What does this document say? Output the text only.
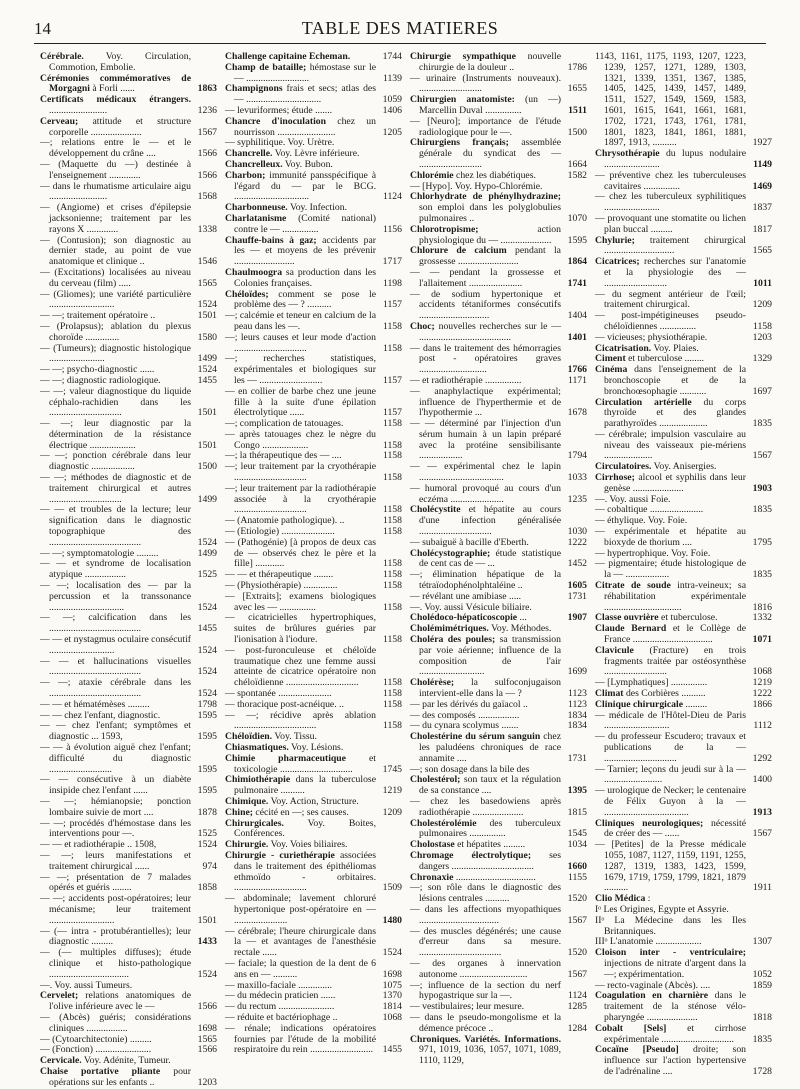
14	TABLE DES MATIERES
Cérébrale. Voy. Circulation, Commotion, Embolie.
Cérémonies commémoratives de Morgagni à Forli ......	1863
Certificats médicaux étrangers. ........................	1236
Cerveau; attitude et structure corporelle .....................	1567
—; relations entre le — et le développement du crâne ....	1566
— (Maquette du —) destinée à l'enseignement .............	1566
— dans le rhumatisme articulaire aigu ........................	1568
— (Angiome) et crises d'épilepsie jacksonienne; traitement par les rayons X .............	1338
— (Contusion); son diagnostic au dernier stade, au point de vue anatomique et clinique ..	1546
— (Excitations) localisées au niveau du cerveau (film) .....	1565
— (Gliomes); une variété particulière ...........................	1524
— —; traitement opératoire ..	1501
— (Prolapsus); ablation du plexus choroïde ..............	1580
— (Tumeurs); diagnostic histologique .......................	1499
— —; psycho-diagnostic ......	1524
— —; diagnostic radiologique.	1455
— —; valeur diagnostique du liquide céphalo-rachidien dans les ..............................	1501
— —; leur diagnostic par la détermination de la résistance électrique ...................	1501
— —; ponction cérébrale dans leur diagnostic ..................	1500
— —; méthodes de diagnostic et de traitement chirurgical et autres ..............................	1499
— — et troubles de la lecture; leur signification dans le diagnostic topographique des ......................................	1524
— —; symptomatologie .........	1499
— — et syndrome de localisation atypique .................	1525
— —; localisation des — par la percussion et la transsonance ...............................	1524
— —; calcification dans les ......................................	1455
— — et nystagmus oculaire consécutif ...........................	1524
— — et hallucinations visuelles ......................................	1524
— —; ataxie cérébrale dans les ......................................	1524
— — et hématémèses .........	1798
— — chez l'enfant, diagnostic.	1595
— — chez l'enfant; symptômes et diagnostic ... 1593,	1595
— — à évolution aiguë chez l'enfant; difficulté du diagnostic ..........................	1595
— — consécutive à un diabète insipide chez l'enfant ......	1595
— —; hémianopsie; ponction lombaire suivie de mort ....	1878
— —; procédés d'hémostase dans les interventions pour —.	1525
— — et radiothérapie .. 1508,	1524
— —; leurs manifestations et traitement chirurgical ......	974
— —; présentation de 7 malades opérés et guéris ........	1858
— —; accidents post-opératoires; leur mécanisme; leur traitement ...........................	1501
— (— intra - protubérantielles); leur diagnostic .........	1433
— (— multiples diffuses); étude clinique et histo-pathologique .................................	1524
—. Voy. aussi Tumeurs.
Cervelet; relations anatomiques de l'olive inférieure avec le —	1566
— (Abcès) guéris; considérations cliniques .................	1698
— (Cytoarchitectonie) .........	1565
— (Fonction) .......................	1566
Cervicale. Voy. Adénite, Tumeur.
Chaise portative pliante pour opérations sur les enfants ..	1203
Challenge capitaine Echeman.	1744
Champ de bataille; hémostase sur le — ..........................	1139
Champignons frais et secs; atlas des — ...............................	1059
— levuriformes; étude .......	1406
Chancre d'inoculation chez un nourrisson ........................	1205
— syphilitique. Voy. Urètre.
Chancrelle. Voy. Lèvre inférieure.
Chancrelleux. Voy. Bubon.
Charbon; immunité pansspécifique à l'égard du — par le BCG. ...............................	1124
Charbonneuse. Voy. Infection.
Charlatanisme (Comité national) contre le — ...............	1156
Chauffe-bains à gaz; accidents par les — et moyens de les prévenir .........................	1717
Chaulmoogra sa production dans les Colonies françaises.	1198
Chéloïdes; comment se pose le problème des — ? ..........	1157
—; calcémie et teneur en calcium de la peau dans les —.	1158
—; leurs causes et leur mode d'action ..............................	1158
—; recherches statistiques, expérimentales et biologiques sur les — ..........................	1157
— en collier de barbe chez une jeune fille à la suite d'une épilation électrolytique ......	1157
—; complication de tatouages.	1158
— après tatouages chez le nègre du Congo ...................	1158
—; la thérapeutique des — ....	1158
—; leur traitement par la cryothérapie ..............................	1158
—; leur traitement par la radiothérapie associée à la cryothérapie ..............................	1158
— (Anatomie pathologique). ..	1158
— (Etiologie) ......................	1158
— (Pathogénie) [à propos de deux cas de — observés chez le père et la fille] ............	1158
— — et thérapeutique ........	1158
— (Physiothérapie) ..............	1158
— [Extraits]; examens biologiques avec les — ...............	1158
— cicatricielles hypertrophiques, suites de brûlures guéries par l'ionisation à l'iodure.	1158
— post-furonculeuse et chéloïde traumatique chez une femme aussi atteinte de cicatrice opératoire non chéloïdienne ..............................	1158
— spontanée ......................	1158
— thoracique post-acnéique. ..	1158
— —; récidive après ablation ..................................	1158
Chéloïdien. Voy. Tissu.
Chiasmatiques. Voy. Lésions.
Chimie pharmaceutique et toxicologie ..............................	1745
Chimiothérapie dans la tuberculose pulmonaire ..........	1219
Chimique. Voy. Action, Structure.
Chine; cécité en —; ses causes.	1209
Chirurgicales. Voy. Boites, Conférences.
Chirurgie. Voy. Voies biliaires.
Chirurgie - curiethérapie associées dans le traitement des épithéliomas ethmoïdo - orbitaires. ..............................	1509
— abdominale; lavement chloruré hypertonique post-opératoire en — ......................	1480
— cérébrale; l'heure chirurgicale dans la — et avantages de l'anesthésie rectale ......	1524
— faciale; la question de la dent de 6 ans en — ..........	1698
— maxillo-faciale ..............	1075
— du médecin praticien ......	1370
— du rectum .......................	1814
— réduite et bactériophage ..	1068
— rénale; indications opératoires fournies par l'étude de la mobilité respiratoire du rein .......................... 1455
Chirurgie sympathique nouvelle chirurgie de la douleur ..	1786
— urinaire (Instruments nouveaux). ..........................	1655
Chirurgien anatomiste: (un —) Marcellin Duval ...............	1511
— [Neuro]; importance de l'étude radiologique pour le —.	1500
Chirurgiens français; assemblée générale du syndicat des — ..........................	1664
Chlorémie chez les diabétiques.	1582
— [Hypo]. Voy. Hypo-Chlorémie.
Chlorhydrate de phénylhydrazine; son emploi dans les polyglobulies pulmonaires ..	1070
Chlorotropisme; action physiologique du — ..................... 1595
Chlorure de calcium pendant la grossesse .........................	1864
— — pendant la grossesse et l'allaitement ......................	1741
— de sodium hypertonique et accidents tétaniformes consécutifs .............................	1404
Choc; nouvelles recherches sur le — ......................................	1401
— dans le traitement des hémorragies post - opératoires graves ............................	1766
— et radiothérapie ...............	1171
— anaphylactique expérimental; influence de l'hyperthermie et de l'hypothermie ...	1678
— — déterminé par l'injection d'un sérum humain à un lapin préparé avec la protéine sensibilisante ..................	1794
— — expérimental chez le lapin ...................................	1033
— humoral provoqué au cours d'un eczéma ......................	1235
Cholécystite et hépatite au cours d'une infection généralisée ..............................	1030
— subaiguë à bacille d'Eberth.	1222
Cholécystographie; étude statistique de cent cas de — ...	1452
—; élimination hépatique de la tétraïodophénolphtaléine ..	1605
— révélant une amibiase .....	1731
—. Voy. aussi Vésicule biliaire.
Cholédoco-hépaticoscopie ...	1907
Cholémimétriques. Voy. Méthodes.
Choléra des poules; sa transmission par voie aérienne; influence de la composition de l'air ...........................	1699
Cholérèse; la sulfoconjugaison intervient-elle dans la — ?	1123
— par les dérivés du gaïacol ..	1123
— des composés .................	1834
— du cynara scolymus .......	1834
Cholestérine du sérum sanguin chez les paludéens chroniques de race annamite ....	1731
—; son dosage dans la bile des
Cholestérol; son taux et la régulation de sa constance ....	1395
— chez les basedowiens après radiothérapie .....................	1815
Cholestérolémie des tuberculeux pulmonaires ...............	1545
Cholostase et hépatites .........	1034
Chromage électrolytique; ses dangers ..................................	1660
Chronaxie .................................	1155
—; son rôle dans le diagnostic des lésions centrales ..........	1520
— dans les affections myopathiques .................................	1567
— des muscles dégénérés; une cause d'erreur dans sa mesure. ..................................	1520
— des organes à innervation autonome ............................	1567
—; influence de la section du nerf hypogastrique sur la —.	1124
— vestibulaires; leur mesure.	1285
— dans le pseudo-mongolisme et la démence précoce ..	1284
Chroniques. Variétés. Informations. 971, 1019, 1036, 1057, 1071, 1089, 1110, 1129,
1143, 1161, 1175, 1193, 1207, 1223, 1239, 1257, 1271, 1289, 1303, 1321, 1339, 1351, 1367, 1385, 1405, 1425, 1439, 1457, 1489, 1511, 1527, 1549, 1569, 1583, 1601, 1615, 1641, 1661, 1681, 1702, 1721, 1743, 1761, 1781, 1801, 1823, 1841, 1861, 1881, 1897, 1913, ..........	1927
Chrysothérapie du lupus nodulaire .......................	1149
— préventive chez les tuberculeuses cavitaires ...............	1469
— chez les tuberculeux syphilitiques .......................	1837
— provoquant une stomatite ou lichen plan buccal .........	1817
Chylurie; traitement chirurgical .............................	1565
Cicatrices; recherches sur l'anatomie et la physiologie des — ..........................	1011
— du segment antérieur de l'œil; traitement chirurgical.	1209
— post-impétigineuses pseudo-chéloïdiennes ...............	1158
— vicieuses; physiothérapie.	1203
Cicatrisation. Voy. Plaies.
Ciment et tuberculose ........	1329
Cinéma dans l'enseignement de la bronchoscopie et de la bronchoœsophagie ...........	1697
Circulation artérielle du corps thyroïde et des glandes parathyroïdes ....................	1835
— cérébrale; impulsion vasculaire au niveau des vaisseaux pie-mériens ....................	1567
Circulatoires. Voy. Anisergies.
Cirrhose; alcool et syphilis dans leur genèse .....................	1903
—. Voy. aussi Foie.
— cobaltique ......................	1835
— éthylique. Voy. Foie.
— expérimentale et hépatite au bioxyde de thorium ....	1795
— hypertrophique. Voy. Foie.
— pigmentaire; étude histologique de la — ..................	1835
Citrate de soude intra-veineux; sa réhabilitation expérimentale ................................	1816
Classe ouvrière et tuberculose.	1332
Claude Bernard et le Collège de France .................................	1071
Clavicule (Fracture) en trois fragments traitée par ostéosynthèse ..........................	1068
— [Lymphatiques] ...............	1219
Climat des Corbières ..........	1222
Clinique chirurgicale .........	1866
— médicale de l'Hôtel-Dieu de Paris ...........................	1112
— du professeur Escudero; travaux et publications de la — ..............................	1292
— Tarnier; leçons du jeudi sur à la — ........................	1400
— urologique de Necker; le centenaire de Félix Guyon à la — ...................................	1913
Cliniques neurologiques; nécessité de créer des — ......	1567
— [Petites] de la Presse médicale 1055, 1087, 1127, 1159, 1191, 1255, 1287, 1319, 1383, 1423, 1599, 1679, 1719, 1759, 1799, 1821, 1879 ..........	1911
Clio Médica :
Iᵒ Les Origines, Egypte et Assyrie.
IIᵒ La Médecine dans les Iles Britanniques.
IIIᵒ L'anatomie ...................	1307
Cloison inter - ventriculaire; injections de nitrate d'argent dans la —; expérimentation.	1052
— recto-vaginale (Abcès). ....	1859
Coagulation en charnière dans le traitement de la sténose vélo-pharyngée .....................	1818
Cobalt [Sels] et cirrhose expérimentale .............................. 1835
Cocaïne [Pseudo] droite; son influence sur l'action hypertensive de l'adrénaline ....	1728
